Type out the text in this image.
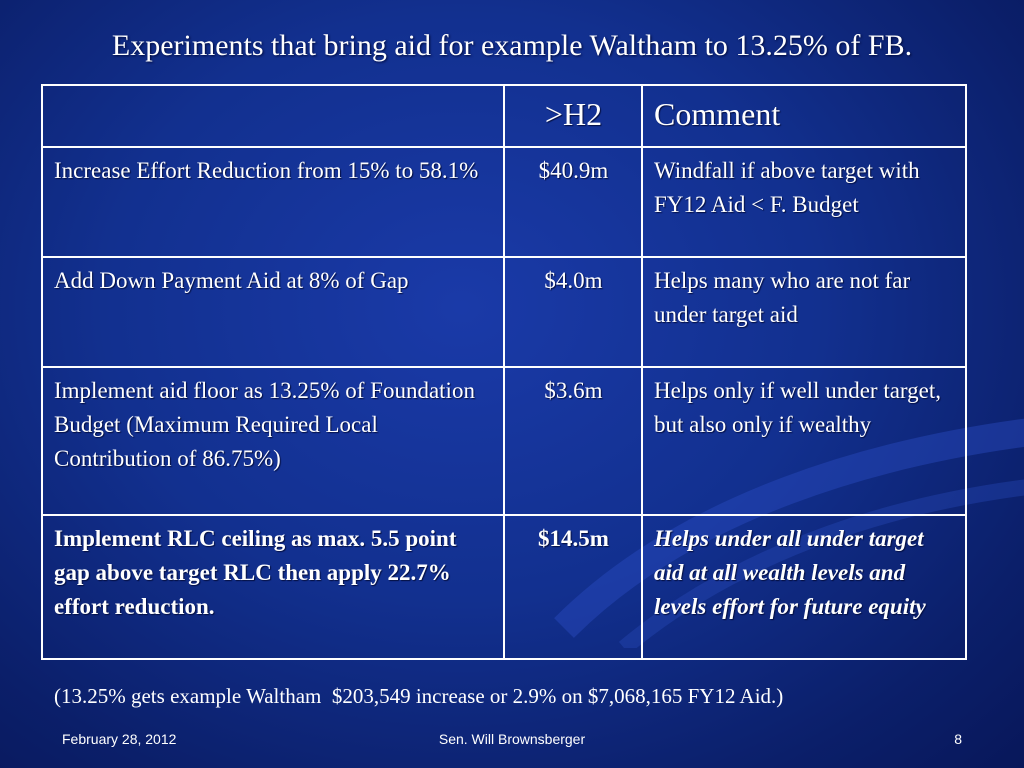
Experiments that bring aid for example Waltham to 13.25% of FB.
	>H2	Comment
Increase Effort Reduction from 15% to 58.1%	$40.9m	Windfall if above target with FY12 Aid < F. Budget
Add Down Payment Aid at 8% of Gap	$4.0m	Helps many who are not far under target aid
Implement aid floor as 13.25% of Foundation Budget (Maximum Required Local Contribution of 86.75%)	$3.6m	Helps only if well under target, but also only if wealthy
Implement RLC ceiling as max. 5.5 point gap above target RLC then apply 22.7% effort reduction.	$14.5m	Helps under all under target aid at all wealth levels and levels effort for future equity
(13.25% gets example Waltham  $203,549 increase or 2.9% on $7,068,165 FY12 Aid.)
February 28, 2012	Sen. Will Brownsberger	8
